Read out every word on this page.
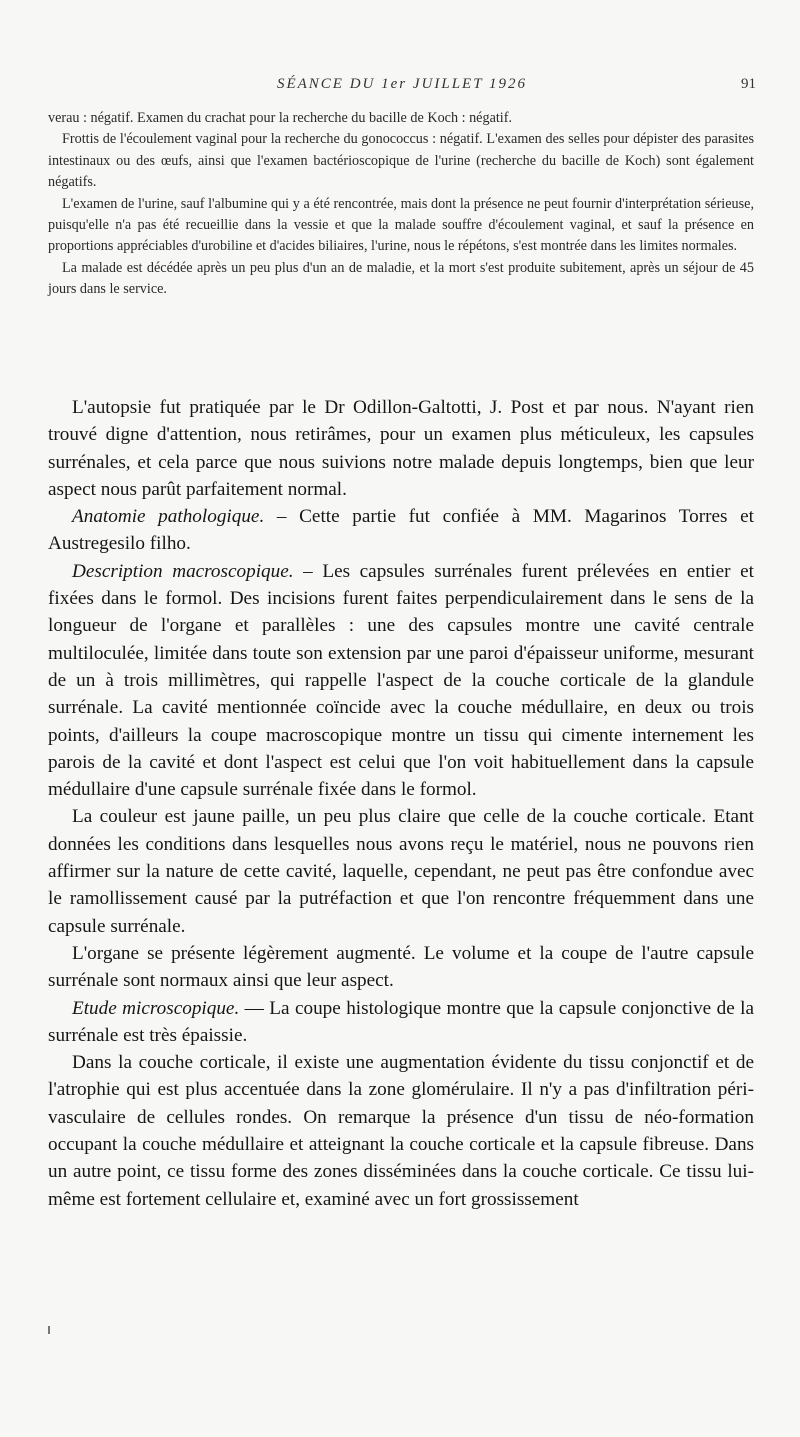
SÉANCE DU 1er JUILLET 1926	91

verau : négatif. Examen du crachat pour la recherche du bacille de Koch : négatif.

Frottis de l'écoulement vaginal pour la recherche du gonococcus : négatif. L'examen des selles pour dépister des parasites intestinaux ou des œufs, ainsi que l'examen bactérioscopique de l'urine (recherche du bacille de Koch) sont également négatifs.

L'examen de l'urine, sauf l'albumine qui y a été rencontrée, mais dont la présence ne peut fournir d'interprétation sérieuse, puisqu'elle n'a pas été recueillie dans la vessie et que la malade souffre d'écoulement vaginal, et sauf la présence en proportions appréciables d'urobiline et d'acides biliaires, l'urine, nous le répétons, s'est montrée dans les limites normales.

La malade est décédée après un peu plus d'un an de maladie, et la mort s'est produite subitement, après un séjour de 45 jours dans le service.

L'autopsie fut pratiquée par le Dr Odillon-Galtotti, J. Post et par nous. N'ayant rien trouvé digne d'attention, nous retirâmes, pour un examen plus méticuleux, les capsules surrénales, et cela parce que nous suivions notre malade depuis longtemps, bien que leur aspect nous parût parfaitement normal.

Anatomie pathologique. – Cette partie fut confiée à MM. Magarinos Torres et Austregesilo filho.

Description macroscopique. – Les capsules surrénales furent prélevées en entier et fixées dans le formol. Des incisions furent faites perpendiculairement dans le sens de la longueur de l'organe et parallèles : une des capsules montre une cavité centrale multiloculée, limitée dans toute son extension par une paroi d'épaisseur uniforme, mesurant de un à trois millimètres, qui rappelle l'aspect de la couche corticale de la glandule surrénale. La cavité mentionnée coïncide avec la couche médullaire, en deux ou trois points, d'ailleurs la coupe macroscopique montre un tissu qui cimente internement les parois de la cavité et dont l'aspect est celui que l'on voit habituellement dans la capsule médullaire d'une capsule surrénale fixée dans le formol.

La couleur est jaune paille, un peu plus claire que celle de la couche corticale. Etant données les conditions dans lesquelles nous avons reçu le matériel, nous ne pouvons rien affirmer sur la nature de cette cavité, laquelle, cependant, ne peut pas être confondue avec le ramollissement causé par la putréfaction et que l'on rencontre fréquemment dans une capsule surrénale.

L'organe se présente légèrement augmenté. Le volume et la coupe de l'autre capsule surrénale sont normaux ainsi que leur aspect.

Etude microscopique. — La coupe histologique montre que la capsule conjonctive de la surrénale est très épaissie.

Dans la couche corticale, il existe une augmentation évidente du tissu conjonctif et de l'atrophie qui est plus accentuée dans la zone glomérulaire. Il n'y a pas d'infiltration péri-vasculaire de cellules rondes. On remarque la présence d'un tissu de néo-formation occupant la couche médullaire et atteignant la couche corticale et la capsule fibreuse. Dans un autre point, ce tissu forme des zones disséminées dans la couche corticale. Ce tissu lui-même est fortement cellulaire et, examiné avec un fort grossissement
